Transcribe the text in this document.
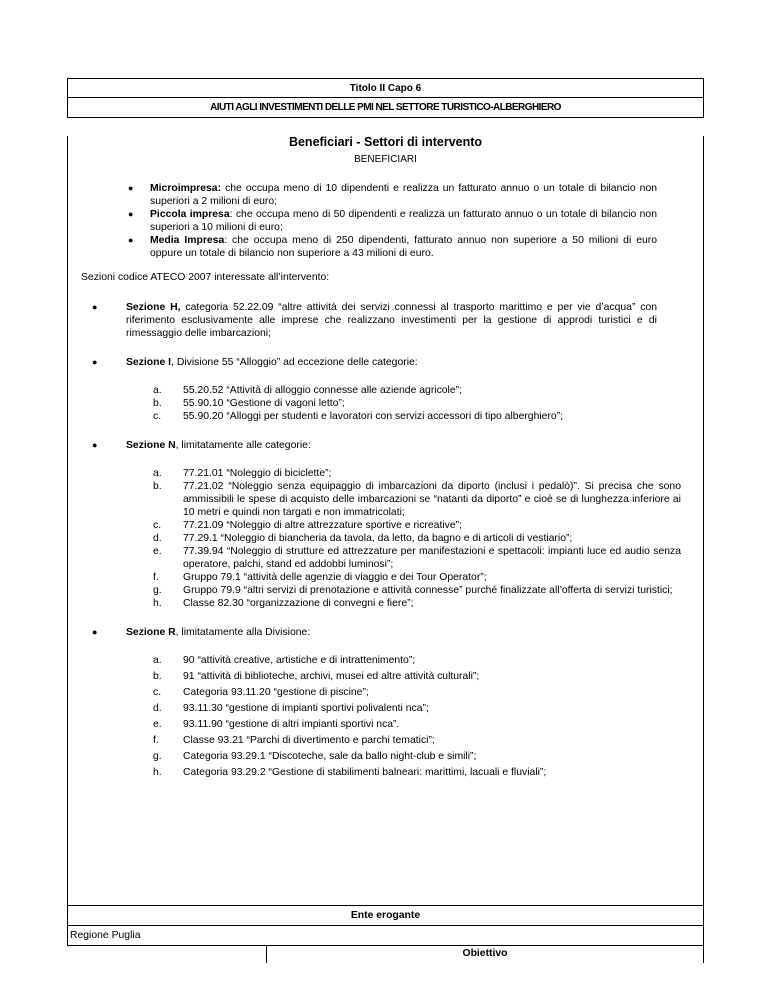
Titolo II Capo 6
AIUTI AGLI INVESTIMENTI DELLE PMI NEL SETTORE TURISTICO-ALBERGHIERO
Beneficiari - Settori di intervento
BENEFICIARI
● Microimpresa: che occupa meno di 10 dipendenti e realizza un fatturato annuo o un totale di bilancio non superiori a 2 milioni di euro;
● Piccola impresa: che occupa meno di 50 dipendenti e realizza un fatturato annuo o un totale di bilancio non superiori a 10 milioni di euro;
● Media Impresa: che occupa meno di 250 dipendenti, fatturato annuo non superiore a 50 milioni di euro oppure un totale di bilancio non superiore a 43 milioni di euro.
Sezioni codice ATECO 2007 interessate all’intervento:
●	Sezione H, categoria 52.22.09 “altre attività dei servizi connessi al trasporto marittimo e per vie d’acqua” con riferimento esclusivamente alle imprese che realizzano investimenti per la gestione di approdi turistici e di rimessaggio delle imbarcazioni;
●	Sezione I, Divisione 55 “Alloggio” ad eccezione delle categorie:
a. 55.20.52 “Attività di alloggio connesse alle aziende agricole”;
b. 55.90.10 “Gestione di vagoni letto”;
c. 55.90.20 “Alloggi per studenti e lavoratori con servizi accessori di tipo alberghiero”;
●	Sezione N, limitatamente alle categorie:
a. 77.21.01 “Noleggio di biciclette”;
b. 77.21.02 “Noleggio senza equipaggio di imbarcazioni da diporto (inclusi i pedalò)”. Si precisa che sono ammissibili le spese di acquisto delle imbarcazioni se “natanti da diporto” e cioè se di lunghezza inferiore ai 10 metri e quindi non targati e non immatricolati;
c. 77.21.09 “Noleggio di altre attrezzature sportive e ricreative”;
d. 77.29.1 “Noleggio di biancheria da tavola, da letto, da bagno e di articoli di vestiario”;
e. 77.39.94 “Noleggio di strutture ed attrezzature per manifestazioni e spettacoli: impianti luce ed audio senza operatore, palchi, stand ed addobbi luminosi”;
f. Gruppo 79.1 “attività delle agenzie di viaggio e dei Tour Operator”;
g. Gruppo 79.9 “altri servizi di prenotazione e attività connesse” purché finalizzate all’offerta di servizi turistici;
h. Classe 82.30 “organizzazione di convegni e fiere”;
●	Sezione R, limitatamente alla Divisione:
a. 90 “attività creative, artistiche e di intrattenimento”;
b. 91 “attività di biblioteche, archivi, musei ed altre attività culturali”;
c. Categoria 93.11.20 “gestione di piscine”;
d. 93.11.30 “gestione di impianti sportivi polivalenti nca”;
e. 93.11.90 “gestione di altri impianti sportivi nca”.
f. Classe 93.21 “Parchi di divertimento e parchi tematici”;
g. Categoria 93.29.1 “Discoteche, sale da ballo night-club e simili”;
h. Categoria 93.29.2 “Gestione di stabilimenti balneari: marittimi, lacuali e fluviali”;
Ente erogante
Regione Puglia
Obiettivo
